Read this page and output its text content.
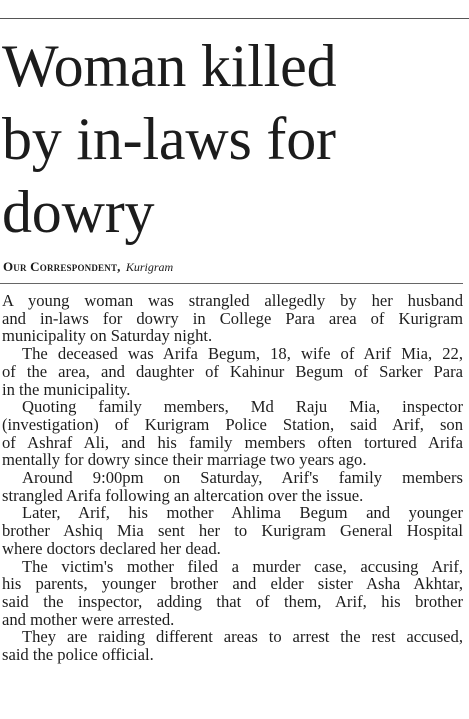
Woman killed
by in-laws for
dowry
Our Correspondent, Kurigram
A young woman was strangled allegedly by her husband
and in-laws for dowry in College Para area of Kurigram
municipality on Saturday night.
The deceased was Arifa Begum, 18, wife of Arif Mia, 22,
of the area, and daughter of Kahinur Begum of Sarker Para
in the municipality.
Quoting family members, Md Raju Mia, inspector
(investigation) of Kurigram Police Station, said Arif, son
of Ashraf Ali, and his family members often tortured Arifa
mentally for dowry since their marriage two years ago.
Around 9:00pm on Saturday, Arif's family members
strangled Arifa following an altercation over the issue.
Later, Arif, his mother Ahlima Begum and younger
brother Ashiq Mia sent her to Kurigram General Hospital
where doctors declared her dead.
The victim's mother filed a murder case, accusing Arif,
his parents, younger brother and elder sister Asha Akhtar,
said the inspector, adding that of them, Arif, his brother
and mother were arrested.
They are raiding different areas to arrest the rest accused,
said the police official.
